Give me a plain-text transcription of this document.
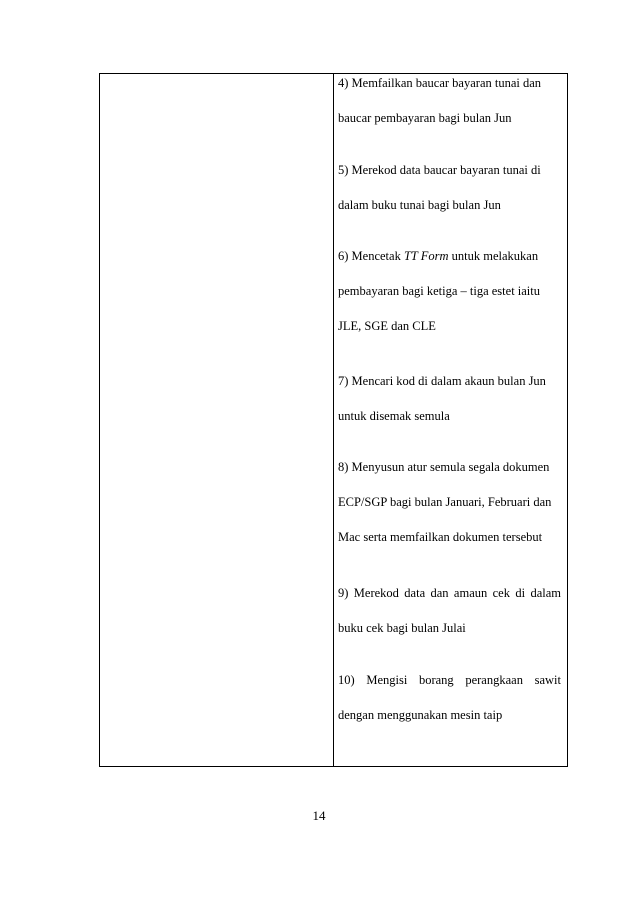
4) Memfailkan baucar bayaran tunai dan
baucar pembayaran bagi bulan Jun
5) Merekod data baucar bayaran tunai di
dalam buku tunai bagi bulan Jun
6) Mencetak TT Form untuk melakukan
pembayaran bagi ketiga – tiga estet iaitu
JLE, SGE dan CLE
7) Mencari kod di dalam akaun bulan Jun
untuk disemak semula
8) Menyusun atur semula segala dokumen
ECP/SGP bagi bulan Januari, Februari dan
Mac serta memfailkan dokumen tersebut
9) Merekod data dan amaun cek di dalam
buku cek bagi bulan Julai
10) Mengisi borang perangkaan sawit
dengan menggunakan mesin taip
14
